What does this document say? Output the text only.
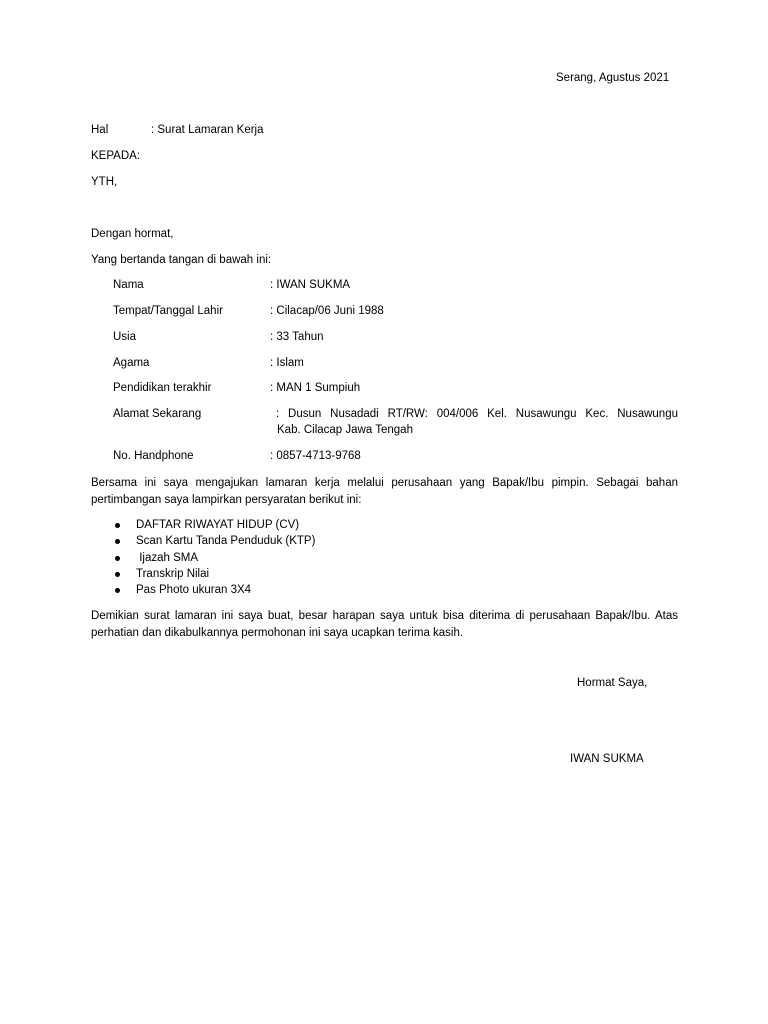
Serang, Agustus 2021
Hal	: Surat Lamaran Kerja
KEPADA:
YTH,
Dengan hormat,
Yang bertanda tangan di bawah ini:
Nama	: IWAN SUKMA
Tempat/Tanggal Lahir	: Cilacap/06 Juni 1988
Usia	: 33 Tahun
Agama	: Islam
Pendidikan terakhir	: MAN 1 Sumpiuh
Alamat Sekarang	: Dusun Nusadadi RT/RW: 004/006 Kel. Nusawungu Kec. Nusawungu
Kab. Cilacap Jawa Tengah
No. Handphone	: 0857-4713-9768
Bersama ini saya mengajukan lamaran kerja melalui perusahaan yang Bapak/Ibu pimpin. Sebagai bahan pertimbangan saya lampirkan persyaratan berikut ini:
DAFTAR RIWAYAT HIDUP (CV)
Scan Kartu Tanda Penduduk (KTP)
Ijazah SMA
Transkrip Nilai
Pas Photo ukuran 3X4
Demikian surat lamaran ini saya buat, besar harapan saya untuk bisa diterima di perusahaan Bapak/Ibu. Atas perhatian dan dikabulkannya permohonan ini saya ucapkan terima kasih.
Hormat Saya,
IWAN SUKMA
